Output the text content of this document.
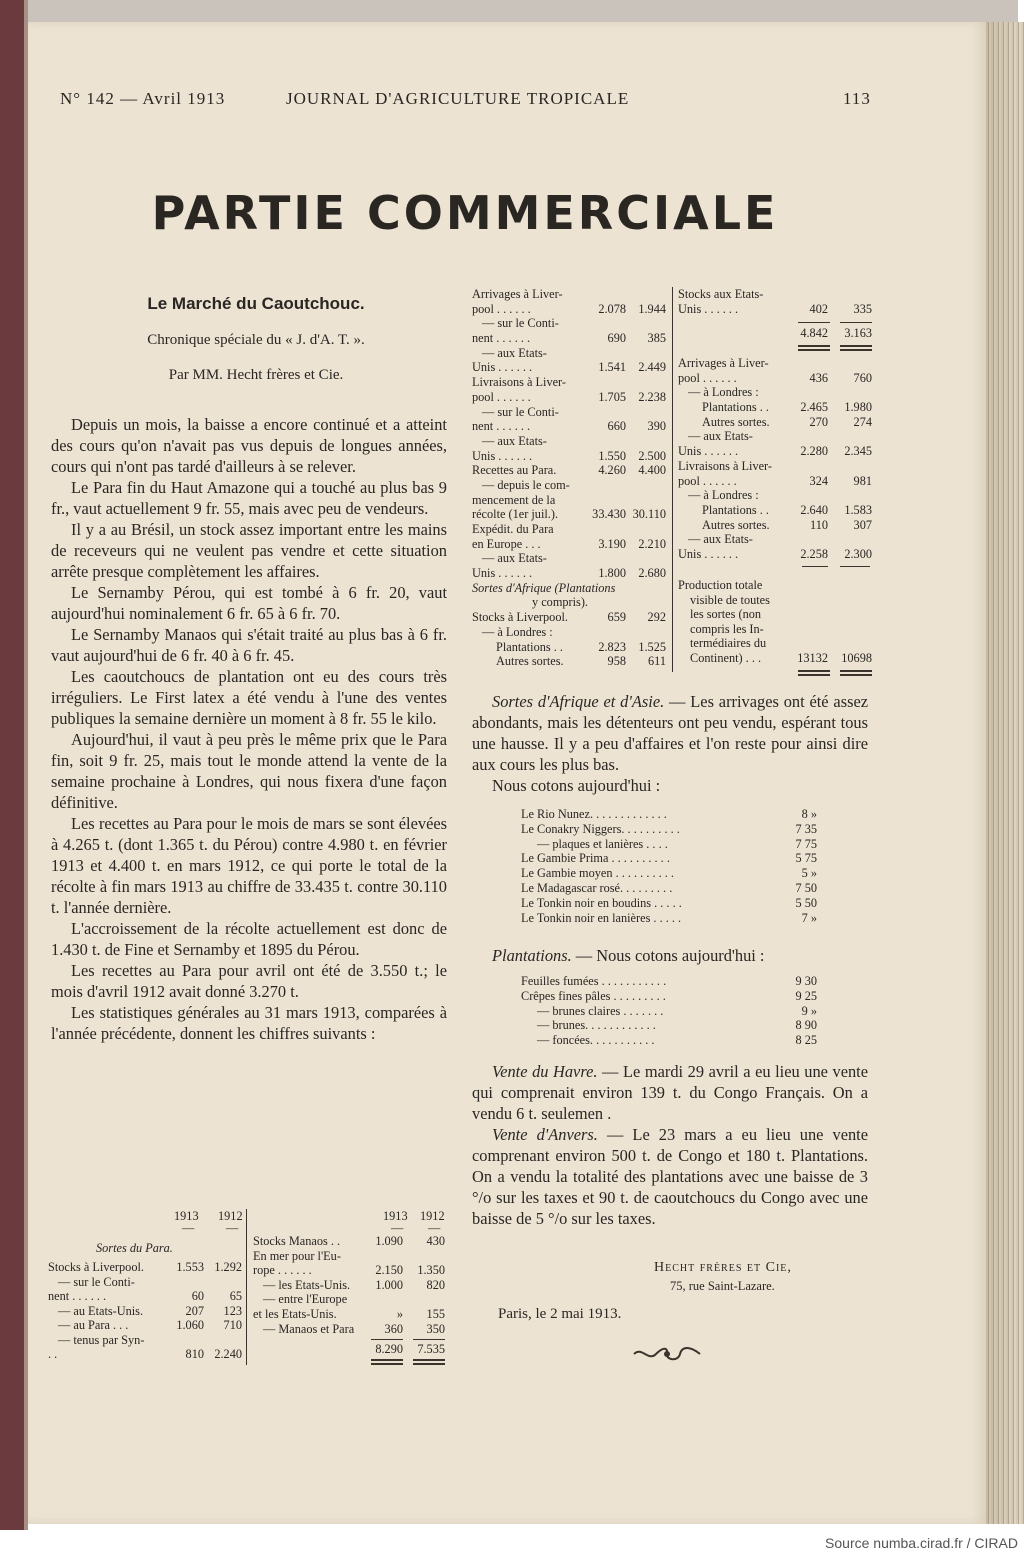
Source numba.cirad.fr / CIRAD
N° 142 — Avril 1913	JOURNAL D'AGRICULTURE TROPICALE	113
PARTIE COMMERCIALE
Le Marché du Caoutchouc.
Chronique spéciale du « J. d'A. T. ».
Par MM. Hecht frères et Cie.

Depuis un mois, la baisse a encore continué et a atteint des cours qu'on n'avait pas vus depuis de longues années, cours qui n'ont pas tardé d'ailleurs à se relever.

Le Para fin du Haut Amazone qui a touché au plus bas 9 fr., vaut actuellement 9 fr. 55, mais avec peu de vendeurs.

Il y a au Brésil, un stock assez important entre les mains de receveurs qui ne veulent pas vendre et cette situation arrête presque complètement les affaires.

Le Sernamby Pérou, qui est tombé à 6 fr. 20, vaut aujourd'hui nominalement 6 fr. 65 à 6 fr. 70.

Le Sernamby Manaos qui s'était traité au plus bas à 6 fr. vaut aujourd'hui de 6 fr. 40 à 6 fr. 45.

Les caoutchoucs de plantation ont eu des cours très irréguliers. Le First latex a été vendu à l'une des ventes publiques la semaine dernière un moment à 8 fr. 55 le kilo.

Aujourd'hui, il vaut à peu près le même prix que le Para fin, soit 9 fr. 25, mais tout le monde attend la vente de la semaine prochaine à Londres, qui nous fixera d'une façon définitive.

Les recettes au Para pour le mois de mars se sont élevées à 4.265 t. (dont 1.365 t. du Pérou) contre 4.980 t. en février 1913 et 4.400 t. en mars 1912, ce qui porte le total de la récolte à fin mars 1913 au chiffre de 33.435 t. contre 30.110 t. l'année dernière.

L'accroissement de la récolte actuellement est donc de 1.430 t. de Fine et Sernamby et 1895 du Pérou.

Les recettes au Para pour avril ont été de 3.550 t.; le mois d'avril 1912 avait donné 3.270 t.

Les statistiques générales au 31 mars 1913, comparées à l'année précédente, donnent les chiffres suivants :

1913 1912
—	—
Sortes du Para.
Stocks à Liverpool.	1.553 1.292
— sur le Conti-
nent . . . . . .	60 65
— au Etats-Unis.	207 123
— au Para . . .	1.060 710
— tenus par Syn-
. .	810 2.240
1913 1912
— —
Stocks Manaos . .	1.090 430
En mer pour l'Eu-
rope . . . . . .	2.150 1.350
— les Etats-Unis. 1.000 820
— entre l'Europe
et les Etats-Unis.	» 155
— Manaos et Para 360 350
8.290 7.535
Arrivages à Liver-
pool . . . . . .	2.078 1.944
— sur le Conti-
nent . . . . . .	690 385
— aux Etats-
Unis . . . . . .	1.541 2.449
Livraisons à Liver-
pool . . . . . .	1.705 2.238
— sur le Conti-
nent . . . . . .	660 390
— aux Etats-
Unis . . . . . .	1.550 2.500
Recettes au Para.	4.260 4.400
— depuis le com-
mencement de la
récolte (1er juil.).	33.430 30.110
Expédit. du Para
en Europe . . .	3.190 2.210
— aux Etats-
Unis . . . . . .	1.800 2.680
Sortes d'Afrique (Plantations
y compris).
Stocks à Liverpool.	659 292
— à Londres :
Plantations . .	2.823 1.525
Autres sortes.	958 611
Stocks aux Etats-
Unis . . . . . .	402 335
4.842 3.163
Arrivages à Liver-
pool . . . . . .	436 760
— à Londres :
Plantations . .	2.465 1.980
Autres sortes.	270 274
— aux Etats-
Unis . . . . . .	2.280 2.345
Livraisons à Liver-
pool . . . . . .	324 981
— à Londres :
Plantations . .	2.640 1.583
Autres sortes.	110 307
— aux Etats-
Unis . . . . . .	2.258 2.300
Production totale
visible de toutes
les sortes (non
compris les In-
termédiaires du
Continent) . . .	13132 10698

Sortes d'Afrique et d'Asie. — Les arrivages ont été assez abondants, mais les détenteurs ont peu vendu, espérant tous une hausse. Il y a peu d'affaires et l'on reste pour ainsi dire aux cours les plus bas.

Nous cotons aujourd'hui :

Le Rio Nunez. . . . . . . . . . . . .	8 »
Le Conakry Niggers. . . . . . . . . .	7 35
— plaques et lanières . . . .	7 75
Le Gambie Prima . . . . . . . . . .	5 75
Le Gambie moyen . . . . . . . . . .	5 »
Le Madagascar rosé. . . . . . . . .	7 50
Le Tonkin noir en boudins . . . . .	5 50
Le Tonkin noir en lanières . . . . .	7 »

Plantations. — Nous cotons aujourd'hui :

Feuilles fumées . . . . . . . . . . .	9 30
Crêpes fines pâles . . . . . . . . .	9 25
— brunes claires . . . . . . .	9 »
— brunes. . . . . . . . . . . .	8 90
— foncées. . . . . . . . . . .	8 25

Vente du Havre. — Le mardi 29 avril a eu lieu une vente qui comprenait environ 139 t. du Congo Français. On a vendu 6 t. seulemen .

Vente d'Anvers. — Le 23 mars a eu lieu une vente comprenant environ 500 t. de Congo et 180 t. Plantations. On a vendu la totalité des plantations avec une baisse de 3 °/o sur les taxes et 90 t. de caoutchoucs du Congo avec une baisse de 5 °/o sur les taxes.

Hecht frères et Cie,
75, rue Saint-Lazare.
Paris, le 2 mai 1913.
